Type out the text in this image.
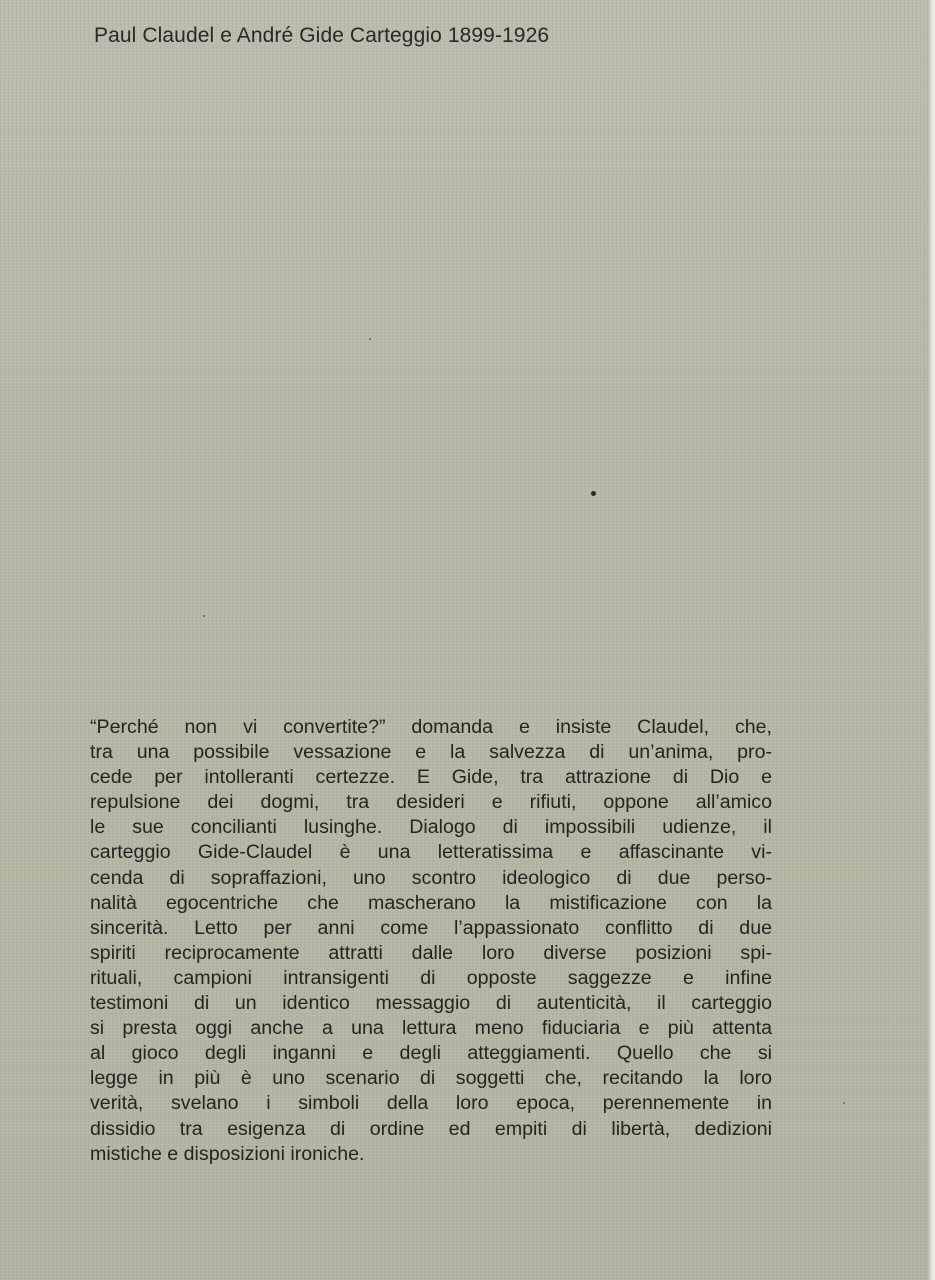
Paul Claudel e André Gide Carteggio 1899-1926
“Perché non vi convertite?” domanda e insiste Claudel, che,
tra una possibile vessazione e la salvezza di un’anima, pro-
cede per intolleranti certezze. E Gide, tra attrazione di Dio e
repulsione dei dogmi, tra desideri e rifiuti, oppone all’amico
le sue concilianti lusinghe. Dialogo di impossibili udienze, il
carteggio Gide-Claudel è una letteratissima e affascinante vi-
cenda di sopraffazioni, uno scontro ideologico di due perso-
nalità egocentriche che mascherano la mistificazione con la
sincerità. Letto per anni come l’appassionato conflitto di due
spiriti reciprocamente attratti dalle loro diverse posizioni spi-
rituali, campioni intransigenti di opposte saggezze e infine
testimoni di un identico messaggio di autenticità, il carteggio
si presta oggi anche a una lettura meno fiduciaria e più attenta
al gioco degli inganni e degli atteggiamenti. Quello che si
legge in più è uno scenario di soggetti che, recitando la loro
verità, svelano i simboli della loro epoca, perennemente in
dissidio tra esigenza di ordine ed empiti di libertà, dedizioni
mistiche e disposizioni ironiche.
